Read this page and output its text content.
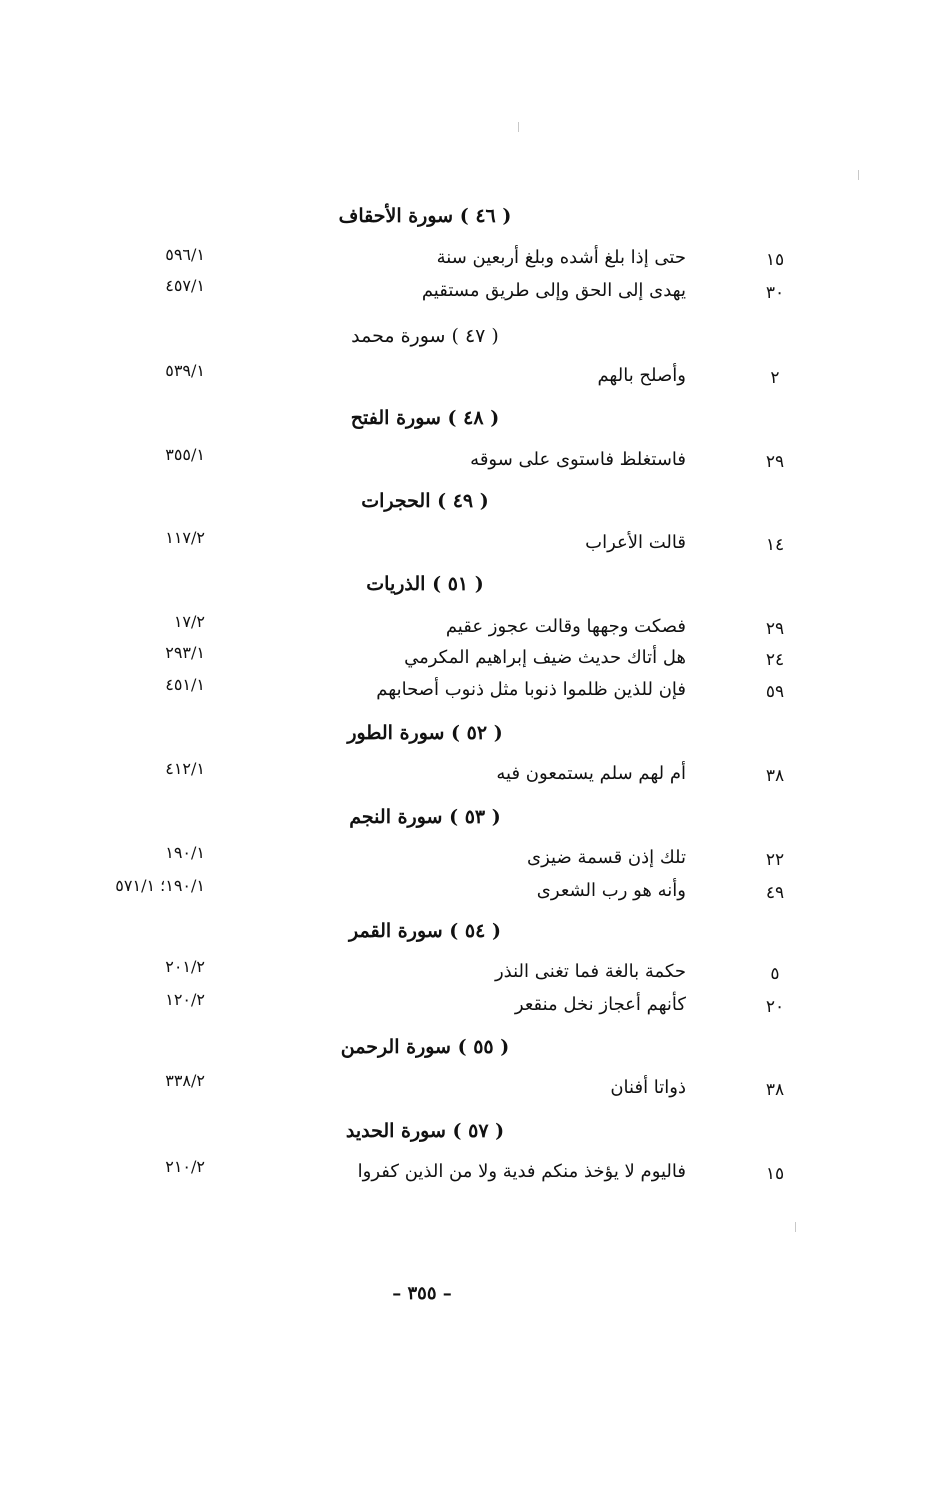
( ٤٦ ) سورة الأحقاف
١٥
حتى إذا بلغ أشده وبلغ أربعين سنة
٥٩٦/١
٣٠
يهدى إلى الحق وإلى طريق مستقيم
٤٥٧/١
( ٤٧ ) سورة محمد
٢
وأصلح بالهم
٥٣٩/١
( ٤٨ ) سورة الفتح
٢٩
فاستغلظ فاستوى على سوقه
٣٥٥/١
( ٤٩ ) الحجرات
١٤
قالت الأعراب
١١٧/٢
( ٥١ ) الذريات
٢٩
فصكت وجهها وقالت عجوز عقيم
١٧/٢
٢٤
هل أتاك حديث ضيف إبراهيم المكرمي
٢٩٣/١
٥٩
فإن للذين ظلموا ذنوبا مثل ذنوب أصحابهم
٤٥١/١
( ٥٢ ) سورة الطور
٣٨
أم لهم سلم يستمعون فيه
٤١٢/١
( ٥٣ ) سورة النجم
٢٢
تلك إذن قسمة ضيزى
١٩٠/١
٤٩
وأنه هو رب الشعرى
١٩٠/١؛ ٥٧١/١
( ٥٤ ) سورة القمر
٥
حكمة بالغة فما تغنى النذر
٢٠١/٢
٢٠
كأنهم أعجاز نخل منقعر
١٢٠/٢
( ٥٥ ) سورة الرحمن
٣٨
ذواتا أفنان
٣٣٨/٢
( ٥٧ ) سورة الحديد
١٥
فاليوم لا يؤخذ منكم فدية ولا من الذين كفروا
٢١٠/٢
– ٣٥٥ –
